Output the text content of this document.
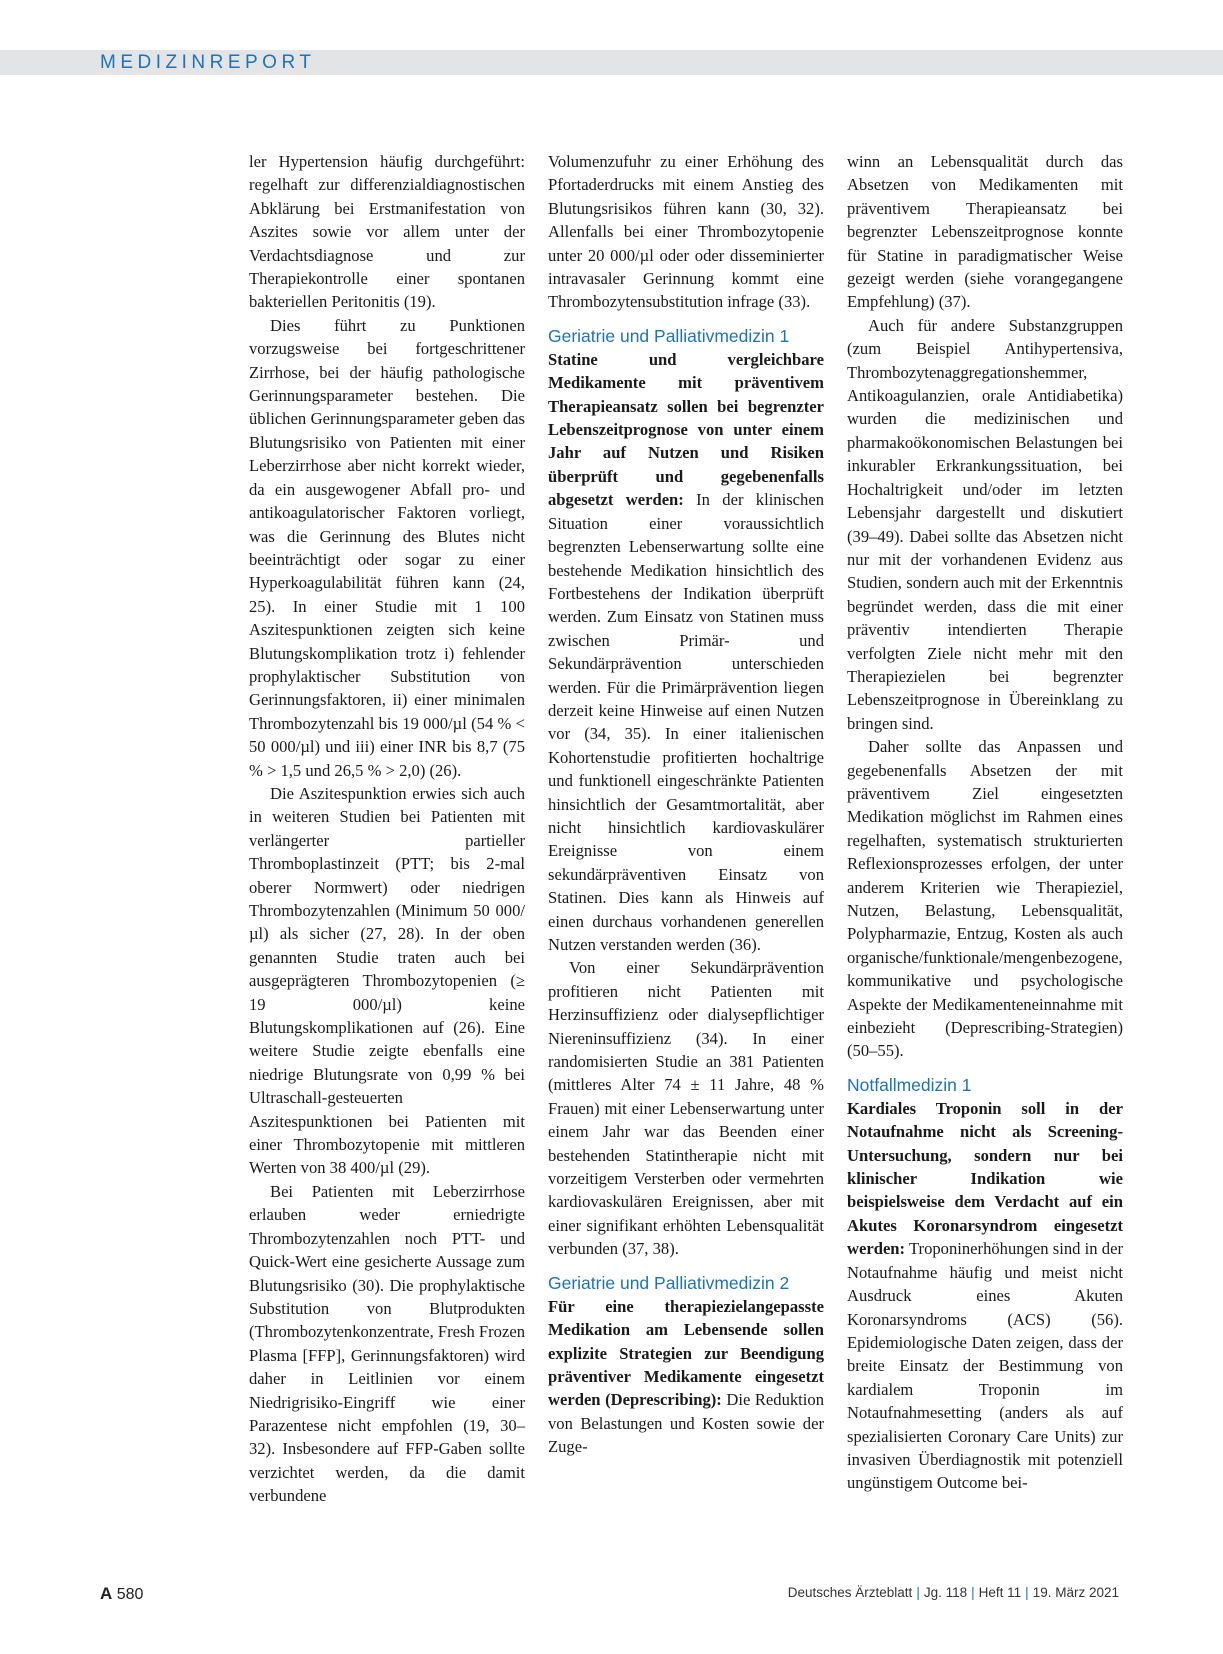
MEDIZINREPORT

ler Hypertension häufig durchgeführt: regelhaft zur differenzialdiagnostischen Abklärung bei Erstmanifestation von Aszites sowie vor allem unter der Verdachtsdiagnose und zur Therapiekontrolle einer spontanen bakteriellen Peritonitis (19).

Dies führt zu Punktionen vorzugsweise bei fortgeschrittener Zirrhose, bei der häufig pathologische Gerinnungsparameter bestehen. Die üblichen Gerinnungsparameter geben das Blutungsrisiko von Patienten mit einer Leberzirrhose aber nicht korrekt wieder, da ein ausgewogener Abfall pro- und antikoagulatorischer Faktoren vorliegt, was die Gerinnung des Blutes nicht beeinträchtigt oder sogar zu einer Hyperkoagulabilität führen kann (24, 25). In einer Studie mit 1 100 Aszitespunktionen zeigten sich keine Blutungskomplikation trotz i) fehlender prophylaktischer Substitution von Gerinnungsfaktoren, ii) einer minimalen Thrombozytenzahl bis 19 000/µl (54 % < 50 000/µl) und iii) einer INR bis 8,7 (75 % > 1,5 und 26,5 % > 2,0) (26).

Die Aszitespunktion erwies sich auch in weiteren Studien bei Patienten mit verlängerter partieller Thromboplastinzeit (PTT; bis 2-mal oberer Normwert) oder niedrigen Thrombozytenzahlen (Minimum 50 000/µl) als sicher (27, 28). In der oben genannten Studie traten auch bei ausgeprägteren Thrombozytopenien (≥ 19 000/µl) keine Blutungskomplikationen auf (26). Eine weitere Studie zeigte ebenfalls eine niedrige Blutungsrate von 0,99 % bei Ultraschall-gesteuerten Aszitespunktionen bei Patienten mit einer Thrombozytopenie mit mittleren Werten von 38 400/µl (29).

Bei Patienten mit Leberzirrhose erlauben weder erniedrigte Thrombozytenzahlen noch PTT- und Quick-Wert eine gesicherte Aussage zum Blutungsrisiko (30). Die prophylaktische Substitution von Blutprodukten (Thrombozytenkonzentrate, Fresh Frozen Plasma [FFP], Gerinnungsfaktoren) wird daher in Leitlinien vor einem Niedrigrisiko-Eingriff wie einer Parazentese nicht empfohlen (19, 30–32). Insbesondere auf FFP-Gaben sollte verzichtet werden, da die damit verbundene

Volumenzufuhr zu einer Erhöhung des Pfortaderdrucks mit einem Anstieg des Blutungsrisikos führen kann (30, 32). Allenfalls bei einer Thrombozytopenie unter 20 000/µl oder oder disseminierter intravasaler Gerinnung kommt eine Thrombozytensubstitution infrage (33).

Geriatrie und Palliativmedizin 1

Statine und vergleichbare Medikamente mit präventivem Therapieansatz sollen bei begrenzter Lebenszeitprognose von unter einem Jahr auf Nutzen und Risiken überprüft und gegebenenfalls abgesetzt werden: In der klinischen Situation einer voraussichtlich begrenzten Lebenserwartung sollte eine bestehende Medikation hinsichtlich des Fortbestehens der Indikation überprüft werden. Zum Einsatz von Statinen muss zwischen Primär- und Sekundärprävention unterschieden werden. Für die Primärprävention liegen derzeit keine Hinweise auf einen Nutzen vor (34, 35). In einer italienischen Kohortenstudie profitierten hochaltrige und funktionell eingeschränkte Patienten hinsichtlich der Gesamtmortalität, aber nicht hinsichtlich kardiovaskulärer Ereignisse von einem sekundärpräventiven Einsatz von Statinen. Dies kann als Hinweis auf einen durchaus vorhandenen generellen Nutzen verstanden werden (36).

Von einer Sekundärprävention profitieren nicht Patienten mit Herzinsuffizienz oder dialysepflichtiger Niereninsuffizienz (34). In einer randomisierten Studie an 381 Patienten (mittleres Alter 74 ± 11 Jahre, 48 % Frauen) mit einer Lebenserwartung unter einem Jahr war das Beenden einer bestehenden Statintherapie nicht mit vorzeitigem Versterben oder vermehrten kardiovaskulären Ereignissen, aber mit einer signifikant erhöhten Lebensqualität verbunden (37, 38).

Geriatrie und Palliativmedizin 2

Für eine therapiezielangepasste Medikation am Lebensende sollen explizite Strategien zur Beendigung präventiver Medikamente eingesetzt werden (Deprescribing): Die Reduktion von Belastungen und Kosten sowie der Zuge-

winn an Lebensqualität durch das Absetzen von Medikamenten mit präventivem Therapieansatz bei begrenzter Lebenszeitprognose konnte für Statine in paradigmatischer Weise gezeigt werden (siehe vorangegangene Empfehlung) (37).

Auch für andere Substanzgruppen (zum Beispiel Antihypertensiva, Thrombozytenaggregationshemmer, Antikoagulanzien, orale Antidiabetika) wurden die medizinischen und pharmakoökonomischen Belastungen bei inkurabler Erkrankungssituation, bei Hochaltrigkeit und/oder im letzten Lebensjahr dargestellt und diskutiert (39–49). Dabei sollte das Absetzen nicht nur mit der vorhandenen Evidenz aus Studien, sondern auch mit der Erkenntnis begründet werden, dass die mit einer präventiv intendierten Therapie verfolgten Ziele nicht mehr mit den Therapiezielen bei begrenzter Lebenszeitprognose in Übereinklang zu bringen sind.

Daher sollte das Anpassen und gegebenenfalls Absetzen der mit präventivem Ziel eingesetzten Medikation möglichst im Rahmen eines regelhaften, systematisch strukturierten Reflexionsprozesses erfolgen, der unter anderem Kriterien wie Therapieziel, Nutzen, Belastung, Lebensqualität, Polypharmazie, Entzug, Kosten als auch organische/funktionale/mengenbezogene, kommunikative und psychologische Aspekte der Medikamenteneinnahme mit einbezieht (Deprescribing-Strategien) (50–55).

Notfallmedizin 1

Kardiales Troponin soll in der Notaufnahme nicht als Screening-Untersuchung, sondern nur bei klinischer Indikation wie beispielsweise dem Verdacht auf ein Akutes Koronarsyndrom eingesetzt werden: Troponinerhöhungen sind in der Notaufnahme häufig und meist nicht Ausdruck eines Akuten Koronarsyndroms (ACS) (56). Epidemiologische Daten zeigen, dass der breite Einsatz der Bestimmung von kardialem Troponin im Notaufnahmesetting (anders als auf spezialisierten Coronary Care Units) zur invasiven Überdiagnostik mit potenziell ungünstigem Outcome bei-

A 580	Deutsches Ärzteblatt | Jg. 118 | Heft 11 | 19. März 2021
